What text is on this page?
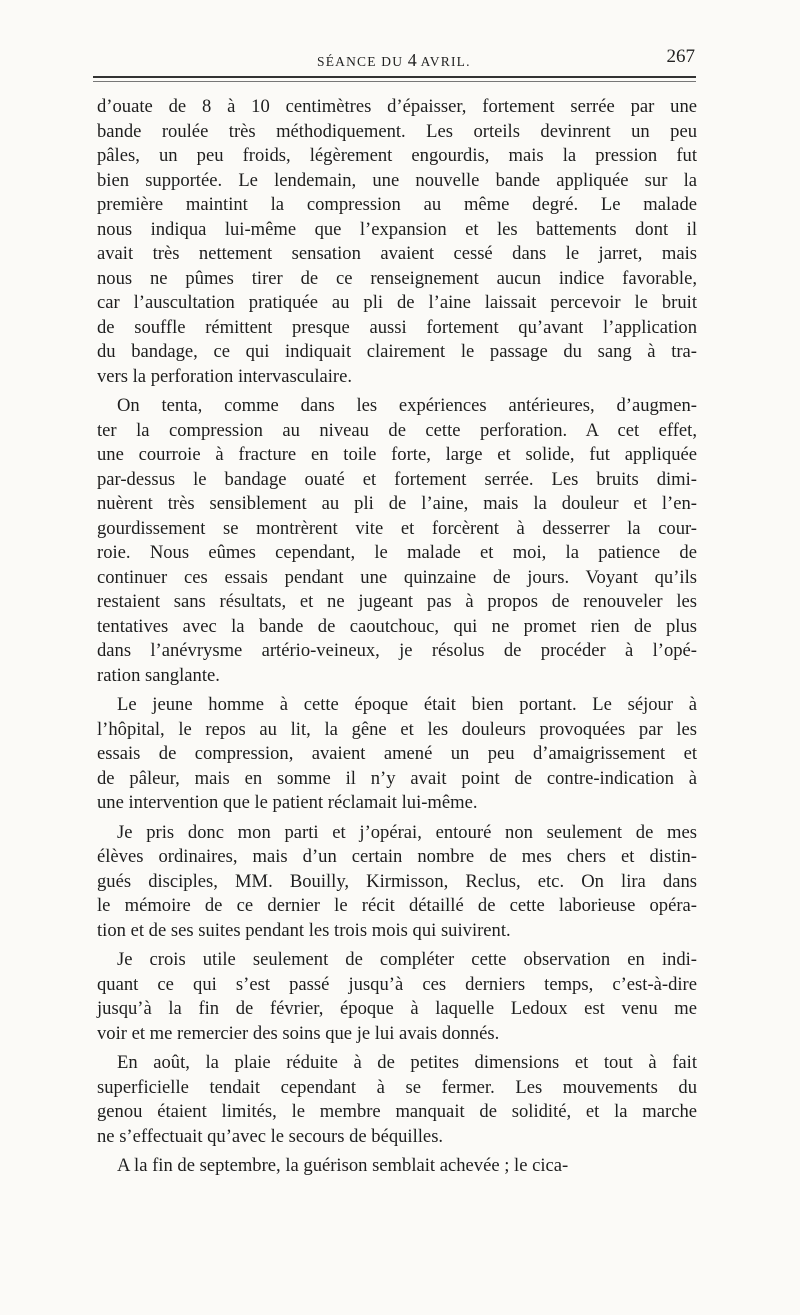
SÉANCE DU 4 AVRIL.	267
d’ouate de 8 à 10 centimètres d’épaisser, fortement serrée par une
bande roulée très méthodiquement. Les orteils devinrent un peu
pâles, un peu froids, légèrement engourdis, mais la pression fut
bien supportée. Le lendemain, une nouvelle bande appliquée sur la
première maintint la compression au même degré. Le malade
nous indiqua lui-même que l’expansion et les battements dont il
avait très nettement sensation avaient cessé dans le jarret, mais
nous ne pûmes tirer de ce renseignement aucun indice favorable,
car l’auscultation pratiquée au pli de l’aine laissait percevoir le bruit
de souffle rémittent presque aussi fortement qu’avant l’application
du bandage, ce qui indiquait clairement le passage du sang à tra-
vers la perforation intervasculaire.
On tenta, comme dans les expériences antérieures, d’augmen-
ter la compression au niveau de cette perforation. A cet effet,
une courroie à fracture en toile forte, large et solide, fut appliquée
par-dessus le bandage ouaté et fortement serrée. Les bruits dimi-
nuèrent très sensiblement au pli de l’aine, mais la douleur et l’en-
gourdissement se montrèrent vite et forcèrent à desserrer la cour-
roie. Nous eûmes cependant, le malade et moi, la patience de
continuer ces essais pendant une quinzaine de jours. Voyant qu’ils
restaient sans résultats, et ne jugeant pas à propos de renouveler les
tentatives avec la bande de caoutchouc, qui ne promet rien de plus
dans l’anévrysme artério-veineux, je résolus de procéder à l’opé-
ration sanglante.
Le jeune homme à cette époque était bien portant. Le séjour à
l’hôpital, le repos au lit, la gêne et les douleurs provoquées par les
essais de compression, avaient amené un peu d’amaigrissement et
de pâleur, mais en somme il n’y avait point de contre-indication à
une intervention que le patient réclamait lui-même.
Je pris donc mon parti et j’opérai, entouré non seulement de mes
élèves ordinaires, mais d’un certain nombre de mes chers et distin-
gués disciples, MM. Bouilly, Kirmisson, Reclus, etc. On lira dans
le mémoire de ce dernier le récit détaillé de cette laborieuse opéra-
tion et de ses suites pendant les trois mois qui suivirent.
Je crois utile seulement de compléter cette observation en indi-
quant ce qui s’est passé jusqu’à ces derniers temps, c’est-à-dire
jusqu’à la fin de février, époque à laquelle Ledoux est venu me
voir et me remercier des soins que je lui avais donnés.
En août, la plaie réduite à de petites dimensions et tout à fait
superficielle tendait cependant à se fermer. Les mouvements du
genou étaient limités, le membre manquait de solidité, et la marche
ne s’effectuait qu’avec le secours de béquilles.
A la fin de septembre, la guérison semblait achevée ; le cica-
